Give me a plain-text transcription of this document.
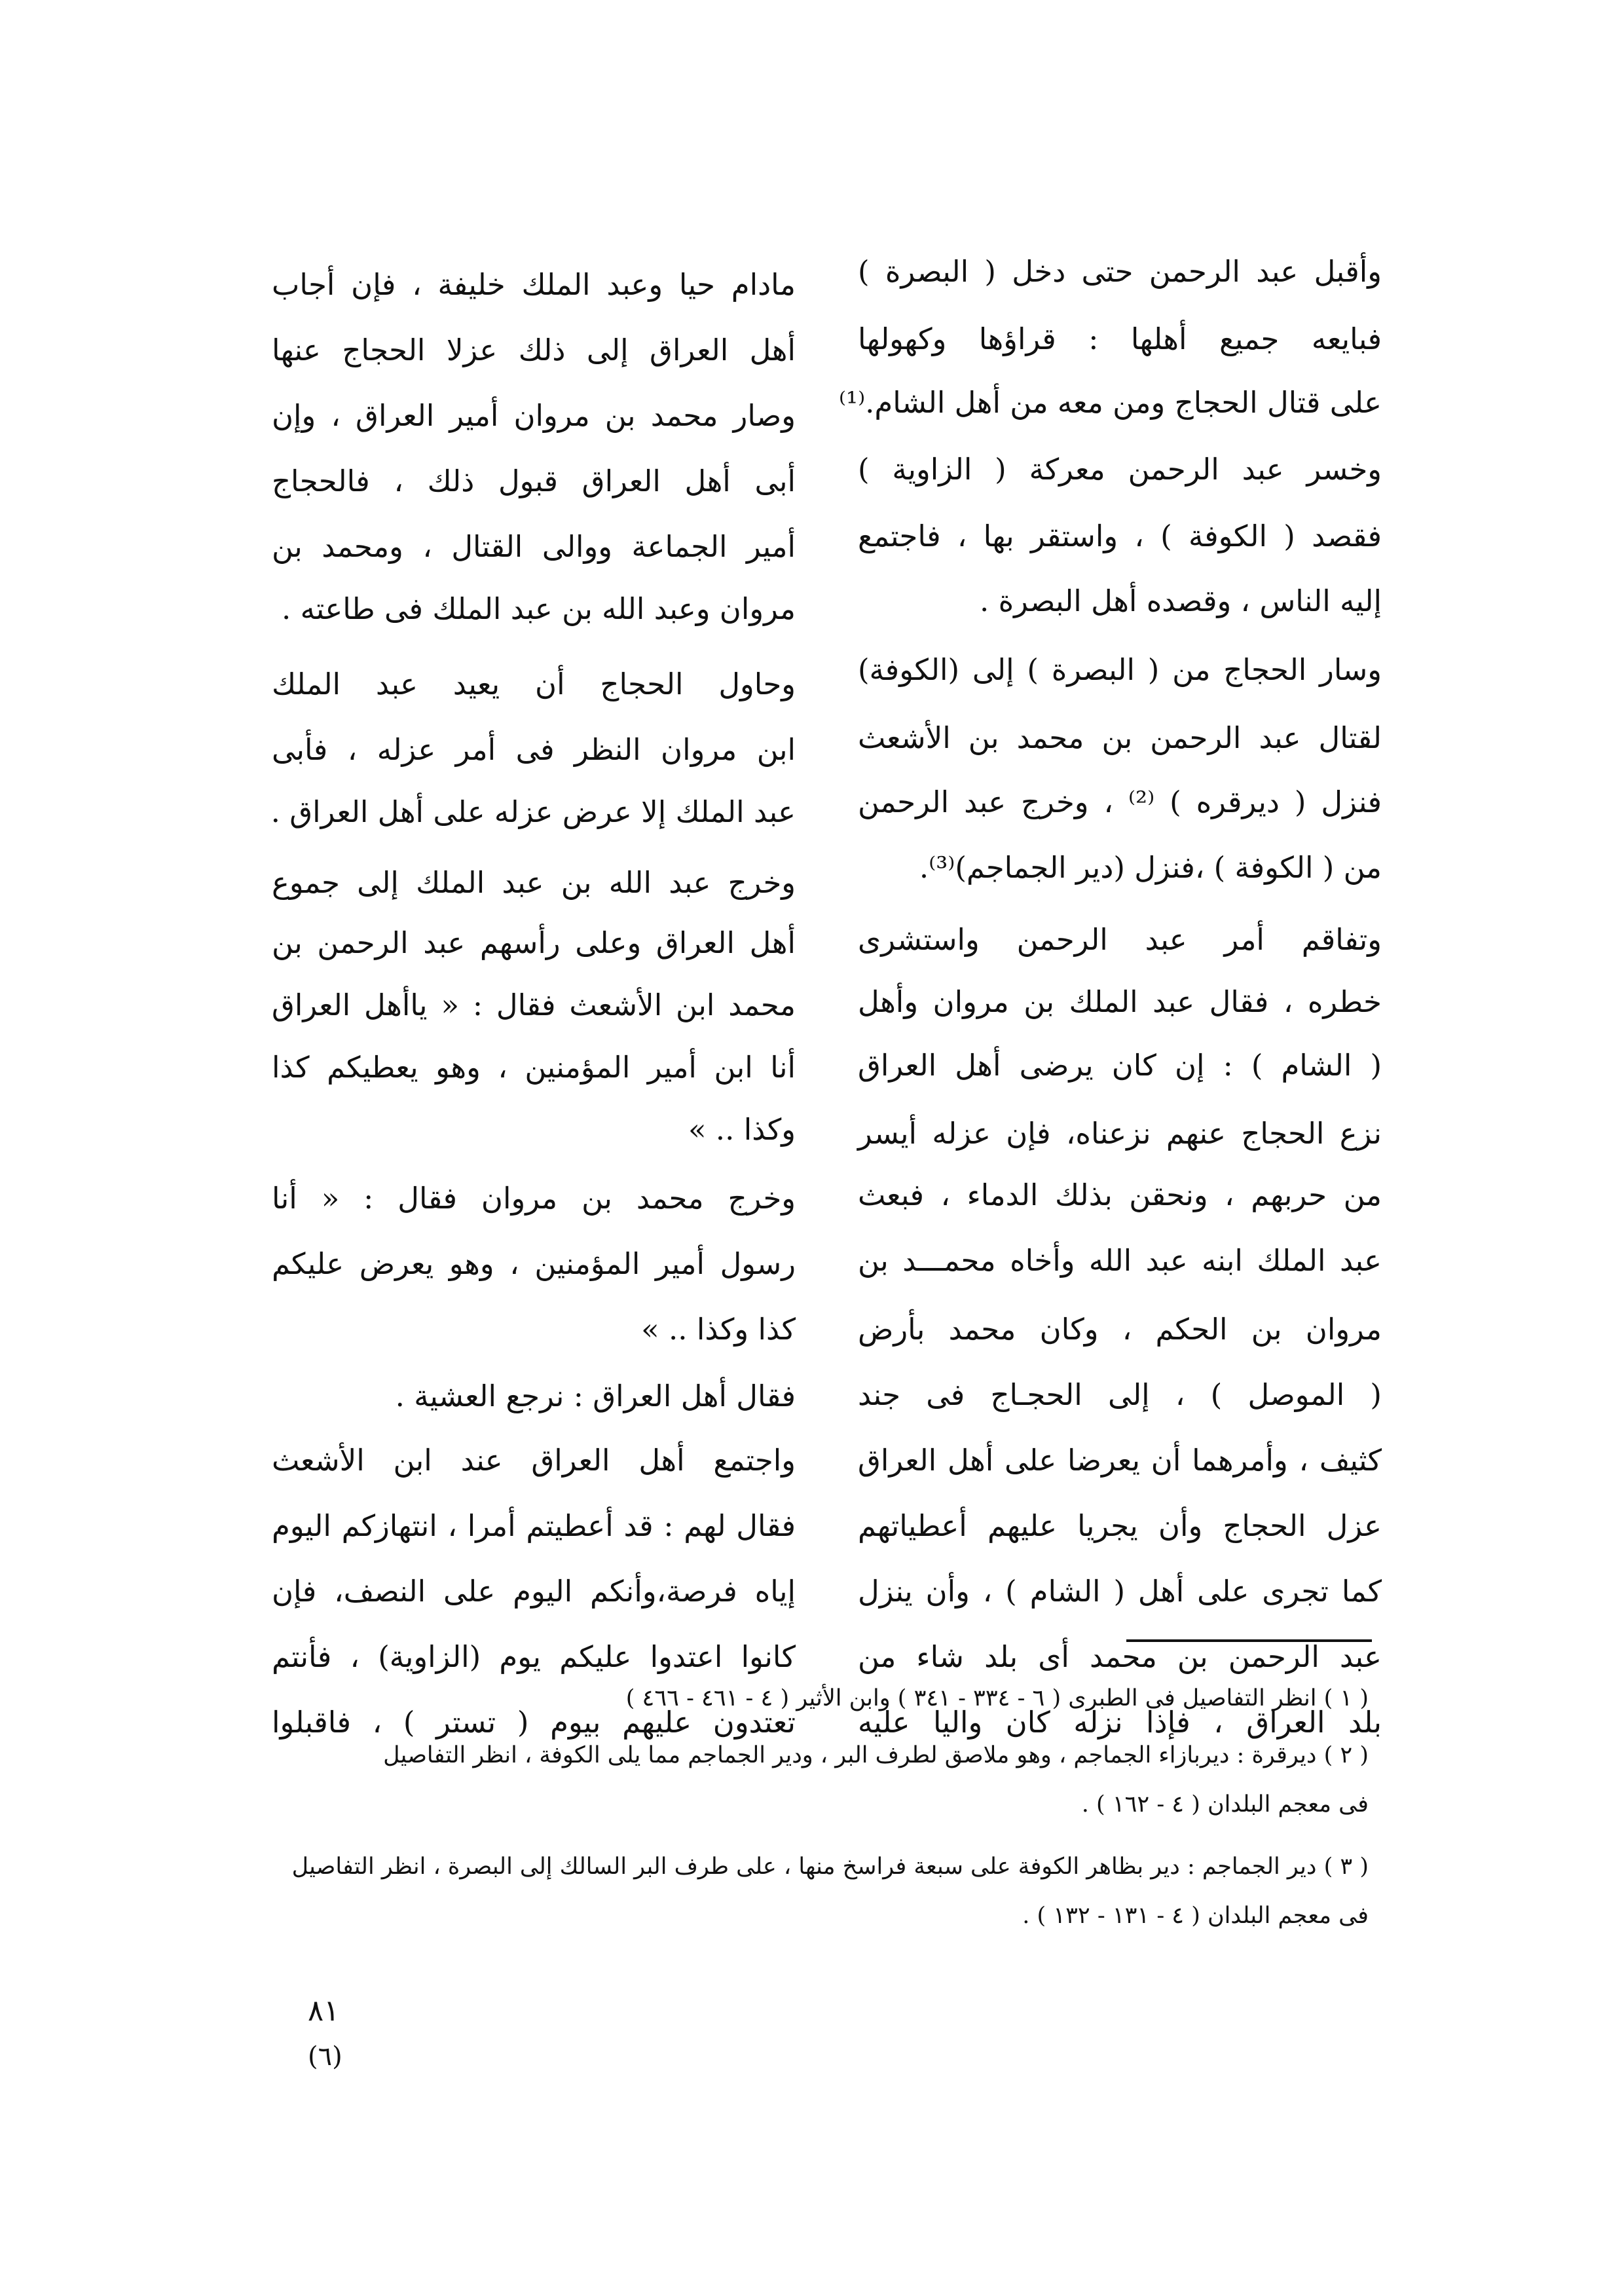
وأقبل عبد الرحمن حتى دخل ( البصرة )
فبايعه جميع أهلها : قراؤها وكهولها
على قتال الحجاج ومن معه من أهل الشام.⁽¹⁾
وخسر عبد الرحمن معركة ( الزاوية )
فقصد ( الكوفة ) ، واستقر بها ، فاجتمع
إليه الناس ، وقصده أهل البصرة .
وسار الحجاج من ( البصرة ) إلى (الكوفة)
لقتال عبد الرحمن بن محمد بن الأشعث
فنزل ( ديرقره ) ⁽²⁾ ، وخرج عبد الرحمن
من ( الكوفة ) ،فنزل (دير الجماجم)⁽³⁾.
وتفاقم أمر عبد الرحمن واستشرى
خطره ، فقال عبد الملك بن مروان وأهل
( الشام ) : إن كان يرضى أهل العراق
نزع الحجاج عنهم نزعناه، فإن عزله أيسر
من حربهم ، ونحقن بذلك الدماء ، فبعث
عبد الملك ابنه عبد الله وأخاه محمـــد بن
مروان بن الحكم ، وكان محمد بأرض
( الموصل ) ، إلى الحجـاج فى جند
كثيف ، وأمرهما أن يعرضا على أهل العراق
عزل الحجاج وأن يجريا عليهم أعطياتهم
كما تجرى على أهل ( الشام ) ، وأن ينزل
عبد الرحمن بن محمد أى بلد شاء من
بلد العراق ، فإذا نزله كان واليا عليه
مادام حيا وعبد الملك خليفة ، فإن أجاب
أهل العراق إلى ذلك عزلا الحجاج عنها
وصار محمد بن مروان أمير العراق ، وإن
أبى أهل العراق قبول ذلك ، فالحجاج
أمير الجماعة ووالى القتال ، ومحمد بن
مروان وعبد الله بن عبد الملك فى طاعته .
وحاول الحجاج أن يعيد عبد الملك
ابن مروان النظر فى أمر عزله ، فأبى
عبد الملك إلا عرض عزله على أهل العراق .
وخرج عبد الله بن عبد الملك إلى جموع
أهل العراق وعلى رأسهم عبد الرحمن بن
محمد ابن الأشعث فقال : « ياأهل العراق
أنا ابن أمير المؤمنين ، وهو يعطيكم كذا
وكذا .. »
وخرج محمد بن مروان فقال : « أنا
رسول أمير المؤمنين ، وهو يعرض عليكم
كذا وكذا .. »
فقال أهل العراق : نرجع العشية .
واجتمع أهل العراق عند ابن الأشعث
فقال لهم : قد أعطيتم أمرا ، انتهازكم اليوم
إياه فرصة،وأنكم اليوم على النصف، فإن
كانوا اعتدوا عليكم يوم (الزاوية) ، فأنتم
تعتدون عليهم بيوم ( تستر ) ، فاقبلوا
( ١ ) انظر التفاصيل فى الطبرى ( ٦ - ٣٣٤ - ٣٤١ ) وابن الأثير ( ٤ - ٤٦١ - ٤٦٦ )
( ٢ ) ديرقرة : ديربازاء الجماجم ، وهو ملاصق لطرف البر ، ودير الجماجم مما يلى الكوفة ، انظر التفاصيل
فى معجم البلدان ( ٤ - ١٦٢ ) .
( ٣ ) دير الجماجم : دير بظاهر الكوفة على سبعة فراسخ منها ، على طرف البر السالك إلى البصرة ، انظر التفاصيل
فى معجم البلدان ( ٤ - ١٣١ - ١٣٢ ) .
٨١
(٦)
